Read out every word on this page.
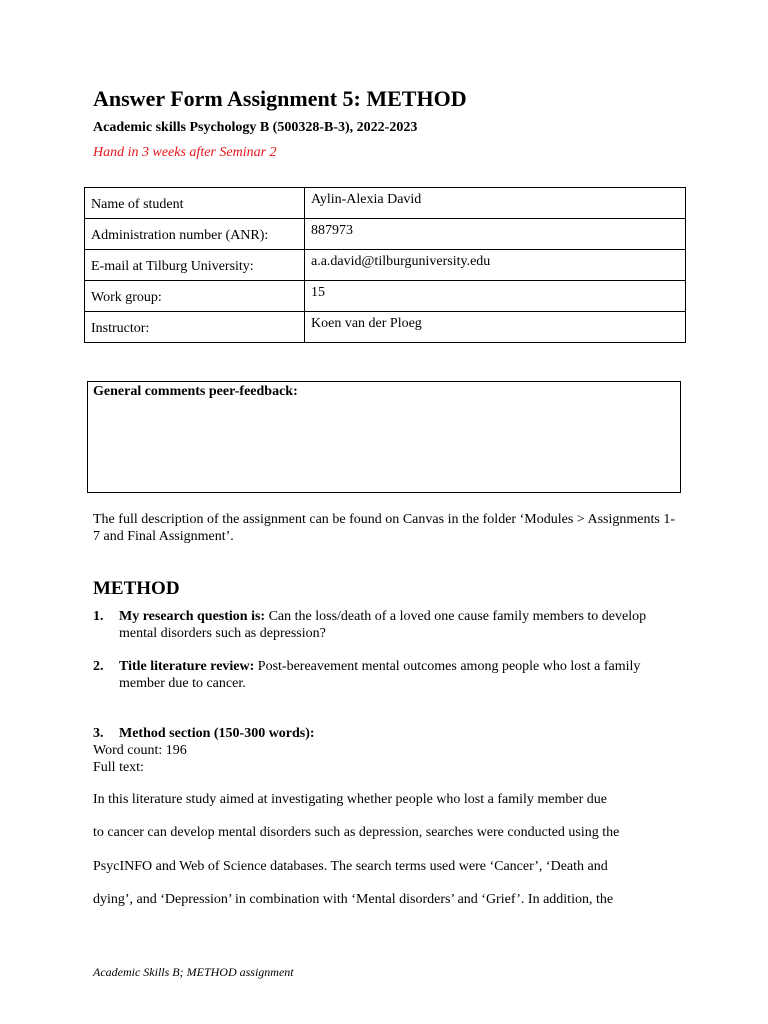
Answer Form Assignment 5: METHOD
Academic skills Psychology B (500328-B-3), 2022-2023
Hand in 3 weeks after Seminar 2
Name of student	Aylin-Alexia David
Administration number (ANR):	887973
E-mail at Tilburg University:	a.a.david@tilburguniversity.edu
Work group:	15
Instructor:	Koen van der Ploeg
General comments peer-feedback:
The full description of the assignment can be found on Canvas in the folder ‘Modules > Assignments 1-7 and Final Assignment’.
METHOD
1. My research question is: Can the loss/death of a loved one cause family members to develop mental disorders such as depression?
2. Title literature review: Post-bereavement mental outcomes among people who lost a family member due to cancer.
3. Method section (150-300 words):
Word count: 196
Full text:
In this literature study aimed at investigating whether people who lost a family member due
to cancer can develop mental disorders such as depression, searches were conducted using the
PsycINFO and Web of Science databases. The search terms used were ‘Cancer’, ‘Death and
dying’, and ‘Depression’ in combination with ‘Mental disorders’ and ‘Grief’. In addition, the
Academic Skills B; METHOD assignment
